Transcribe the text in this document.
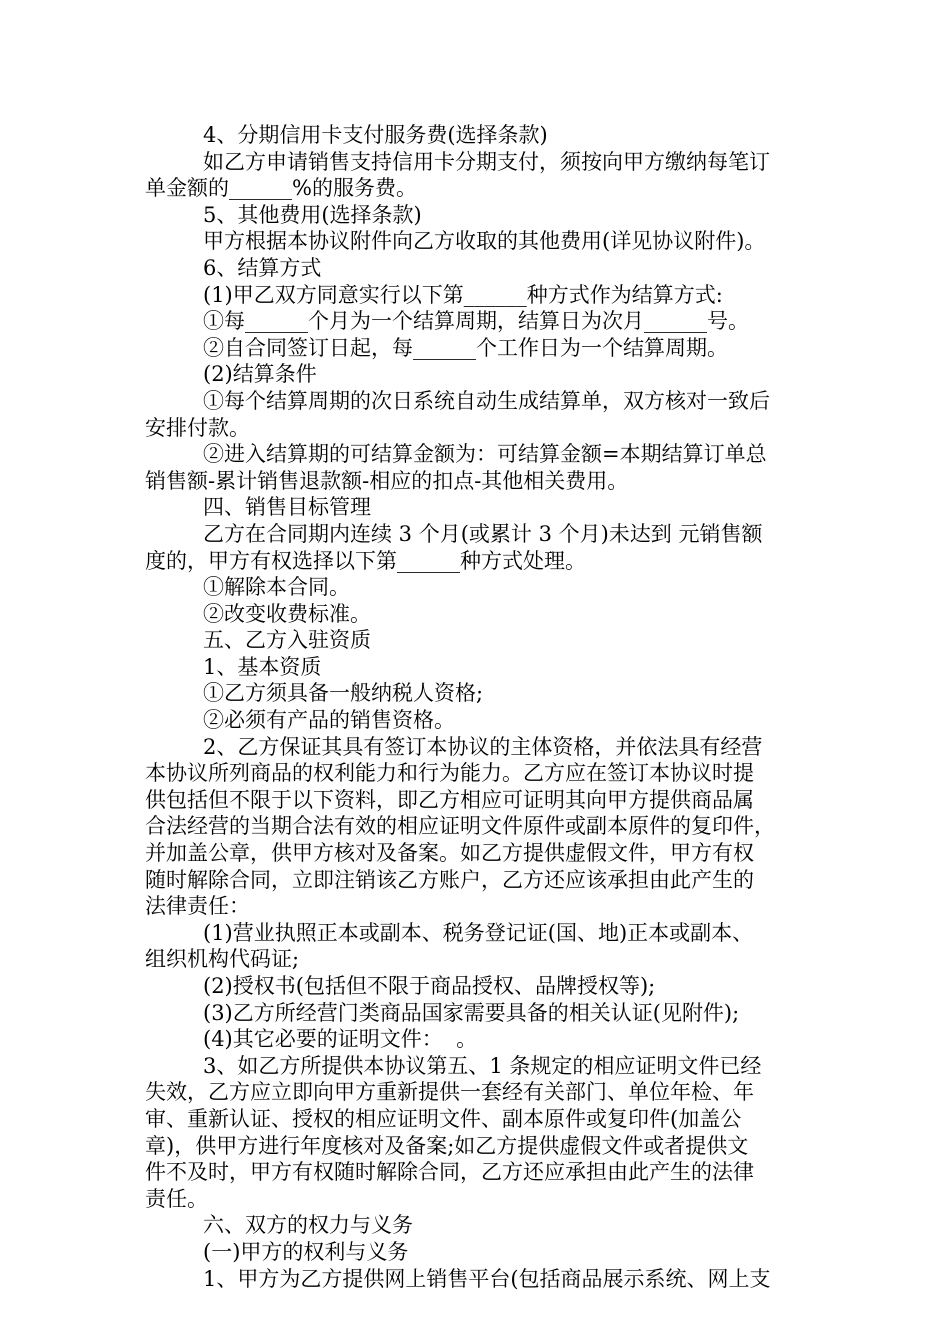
4、分期信用卡支付服务费(选择条款)
如乙方申请销售支持信用卡分期支付，须按向甲方缴纳每笔订
单金额的______%的服务费。
5、其他费用(选择条款)
甲方根据本协议附件向乙方收取的其他费用(详见协议附件)。
6、结算方式
(1)甲乙双方同意实行以下第______种方式作为结算方式:
①每______个月为一个结算周期，结算日为次月______号。
②自合同签订日起，每______个工作日为一个结算周期。
(2)结算条件
①每个结算周期的次日系统自动生成结算单，双方核对一致后
安排付款。
②进入结算期的可结算金额为：可结算金额=本期结算订单总
销售额-累计销售退款额-相应的扣点-其他相关费用。
四、销售目标管理
乙方在合同期内连续 3 个月(或累计 3 个月)未达到 元销售额
度的，甲方有权选择以下第______种方式处理。
①解除本合同。
②改变收费标准。
五、乙方入驻资质
1、基本资质
①乙方须具备一般纳税人资格;
②必须有产品的销售资格。
2、乙方保证其具有签订本协议的主体资格，并依法具有经营
本协议所列商品的权利能力和行为能力。乙方应在签订本协议时提
供包括但不限于以下资料，即乙方相应可证明其向甲方提供商品属
合法经营的当期合法有效的相应证明文件原件或副本原件的复印件，
并加盖公章，供甲方核对及备案。如乙方提供虚假文件，甲方有权
随时解除合同，立即注销该乙方账户，乙方还应该承担由此产生的
法律责任：
(1)营业执照正本或副本、税务登记证(国、地)正本或副本、
组织机构代码证;
(2)授权书(包括但不限于商品授权、品牌授权等);
(3)乙方所经营门类商品国家需要具备的相关认证(见附件);
(4)其它必要的证明文件：  。
3、如乙方所提供本协议第五、1 条规定的相应证明文件已经
失效，乙方应立即向甲方重新提供一套经有关部门、单位年检、年
审、重新认证、授权的相应证明文件、副本原件或复印件(加盖公
章)，供甲方进行年度核对及备案;如乙方提供虚假文件或者提供文
件不及时，甲方有权随时解除合同，乙方还应承担由此产生的法律
责任。
六、双方的权力与义务
(一)甲方的权利与义务
1、甲方为乙方提供网上销售平台(包括商品展示系统、网上支
